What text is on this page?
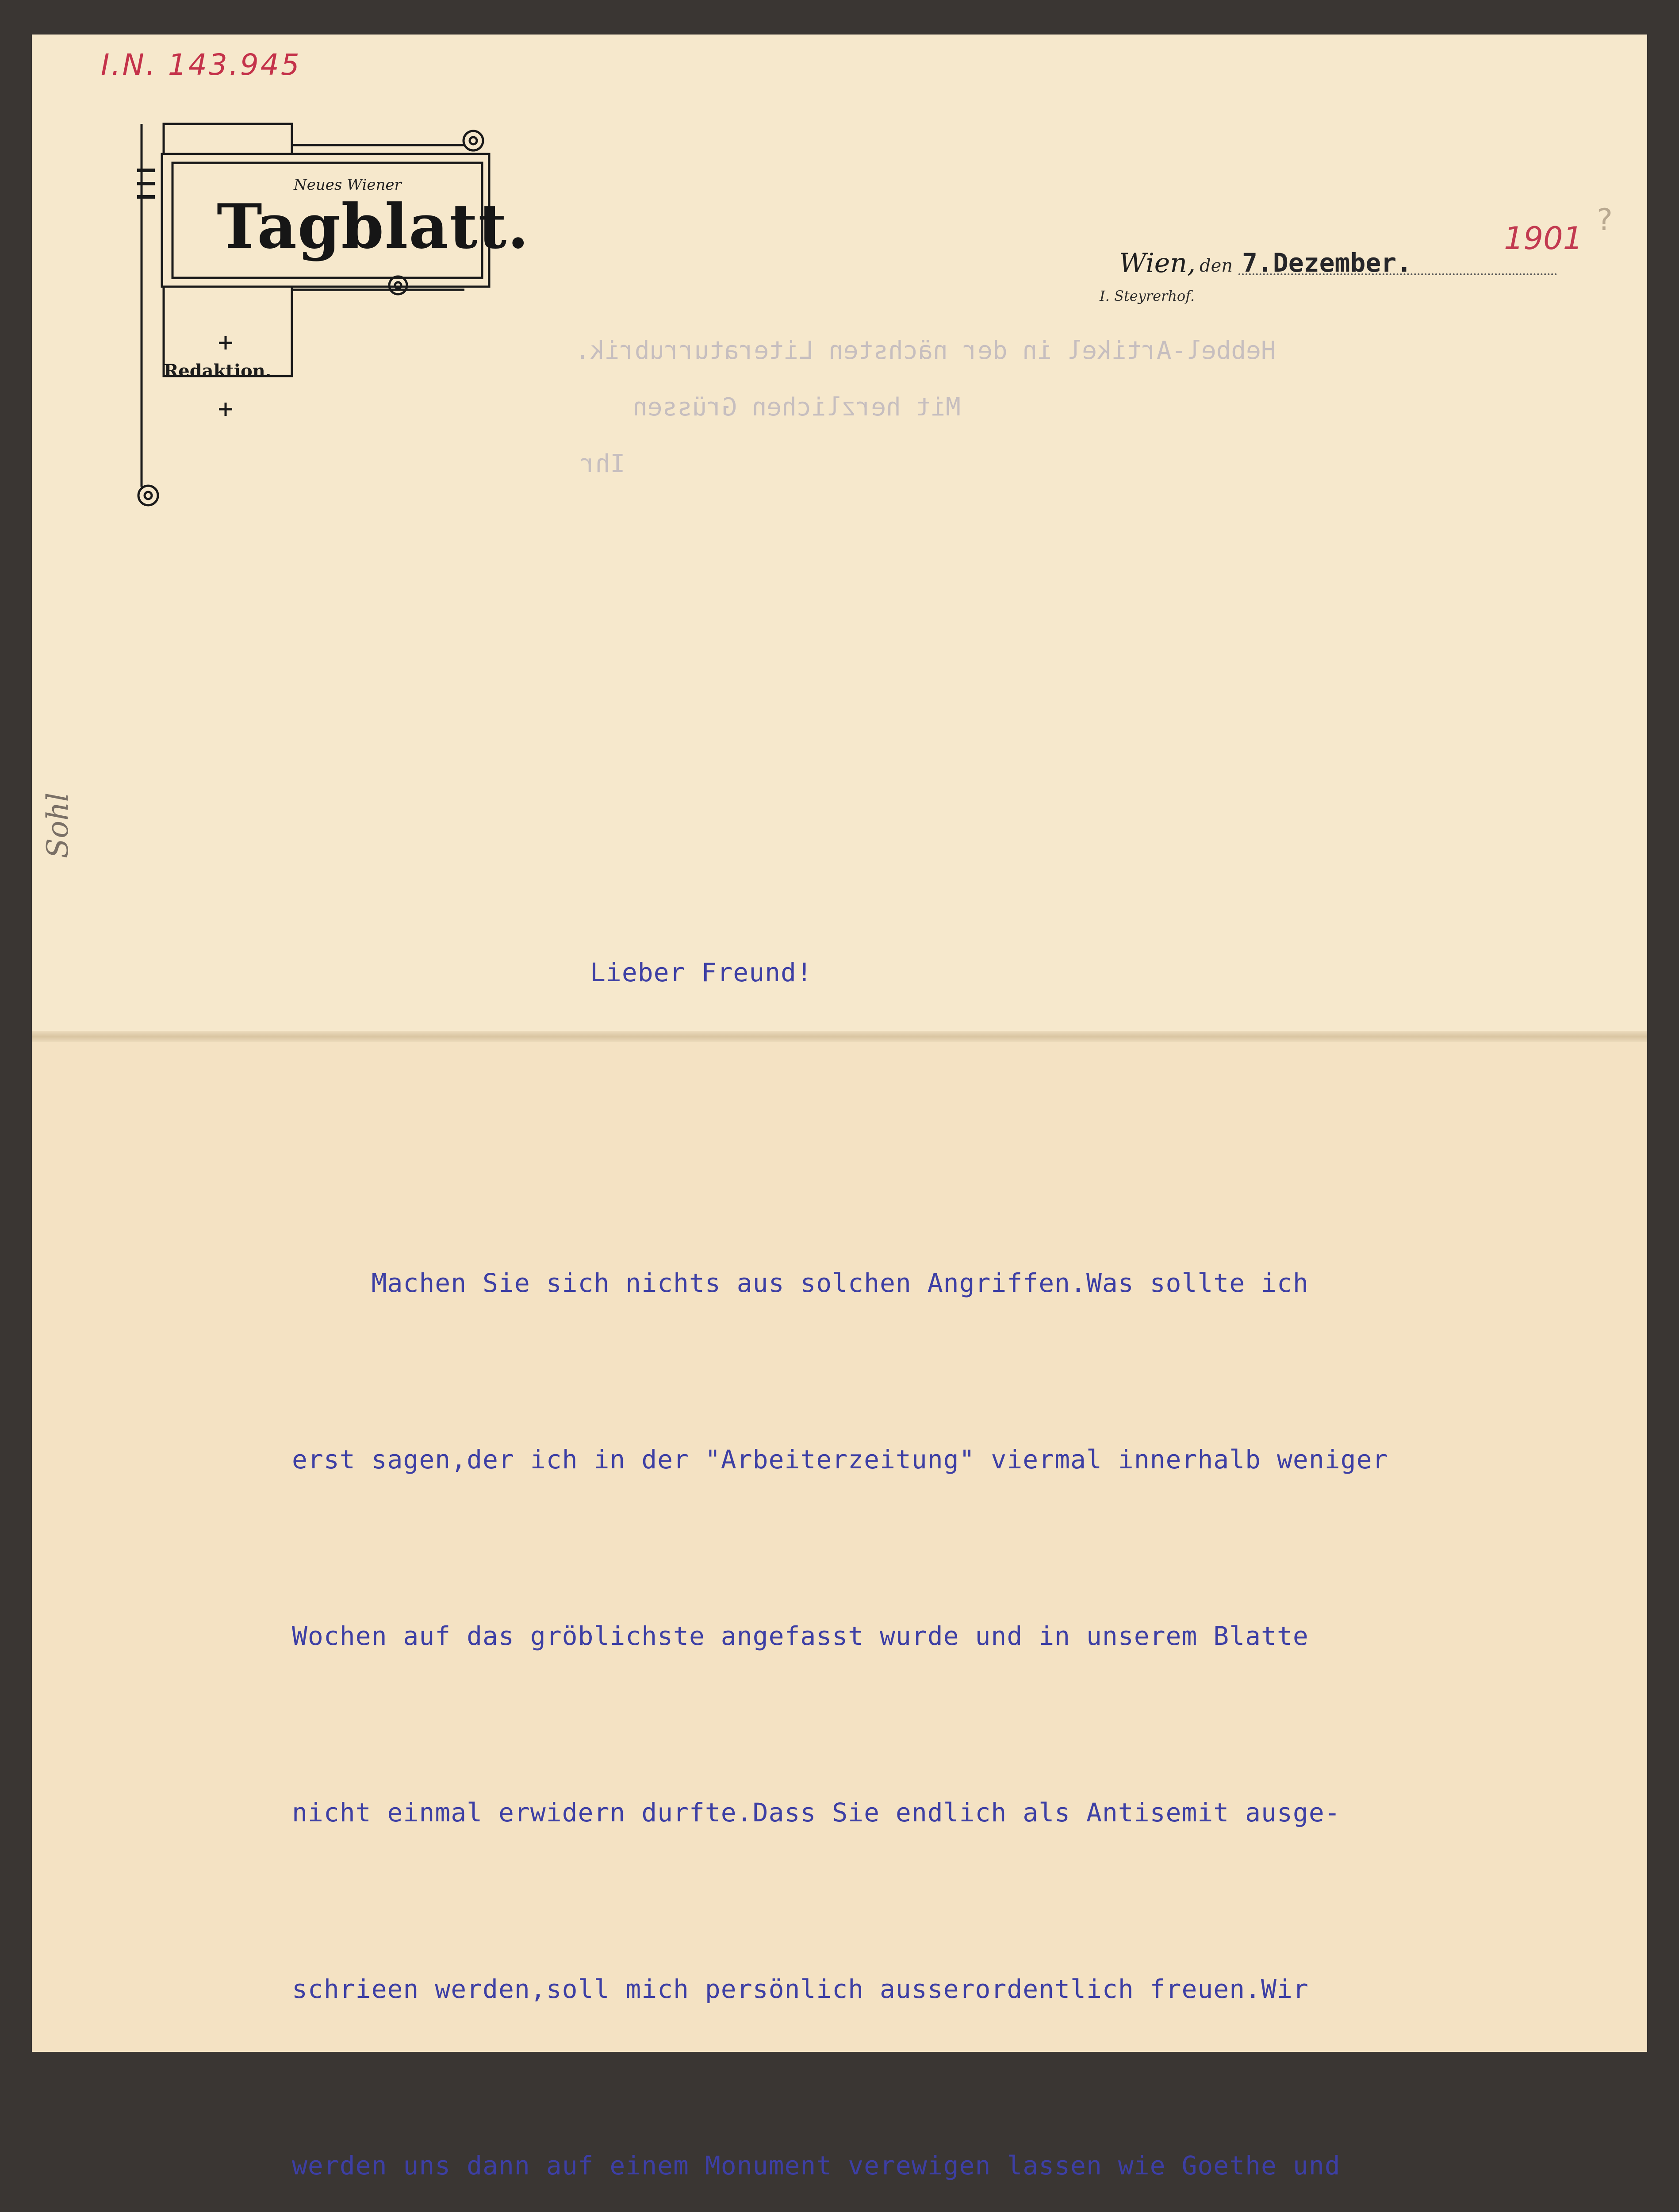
I.N. 143.945
Neues Wiener
Tagblatt.
Redaktion.
Wien, den 7.Dezember.
1901
?
I. Steyrerhof.
Hebbel-Artikel in der nächsten Literaturrubrik.
Mit herzlichen Grüssen
Ihr
Sohl
Lieber Freund!

Machen Sie sich nichts aus solchen Angriffen.Was sollte ich

erst sagen,der ich in der "Arbeiterzeitung" viermal innerhalb weniger

Wochen auf das gröblichste angefasst wurde und in unserem Blatte

nicht einmal erwidern durfte.Dass Sie endlich als Antisemit ausge-

schrieen werden,soll mich persönlich ausserordentlich freuen.Wir

werden uns dann auf einem Monument verewigen lassen wie Goethe und
